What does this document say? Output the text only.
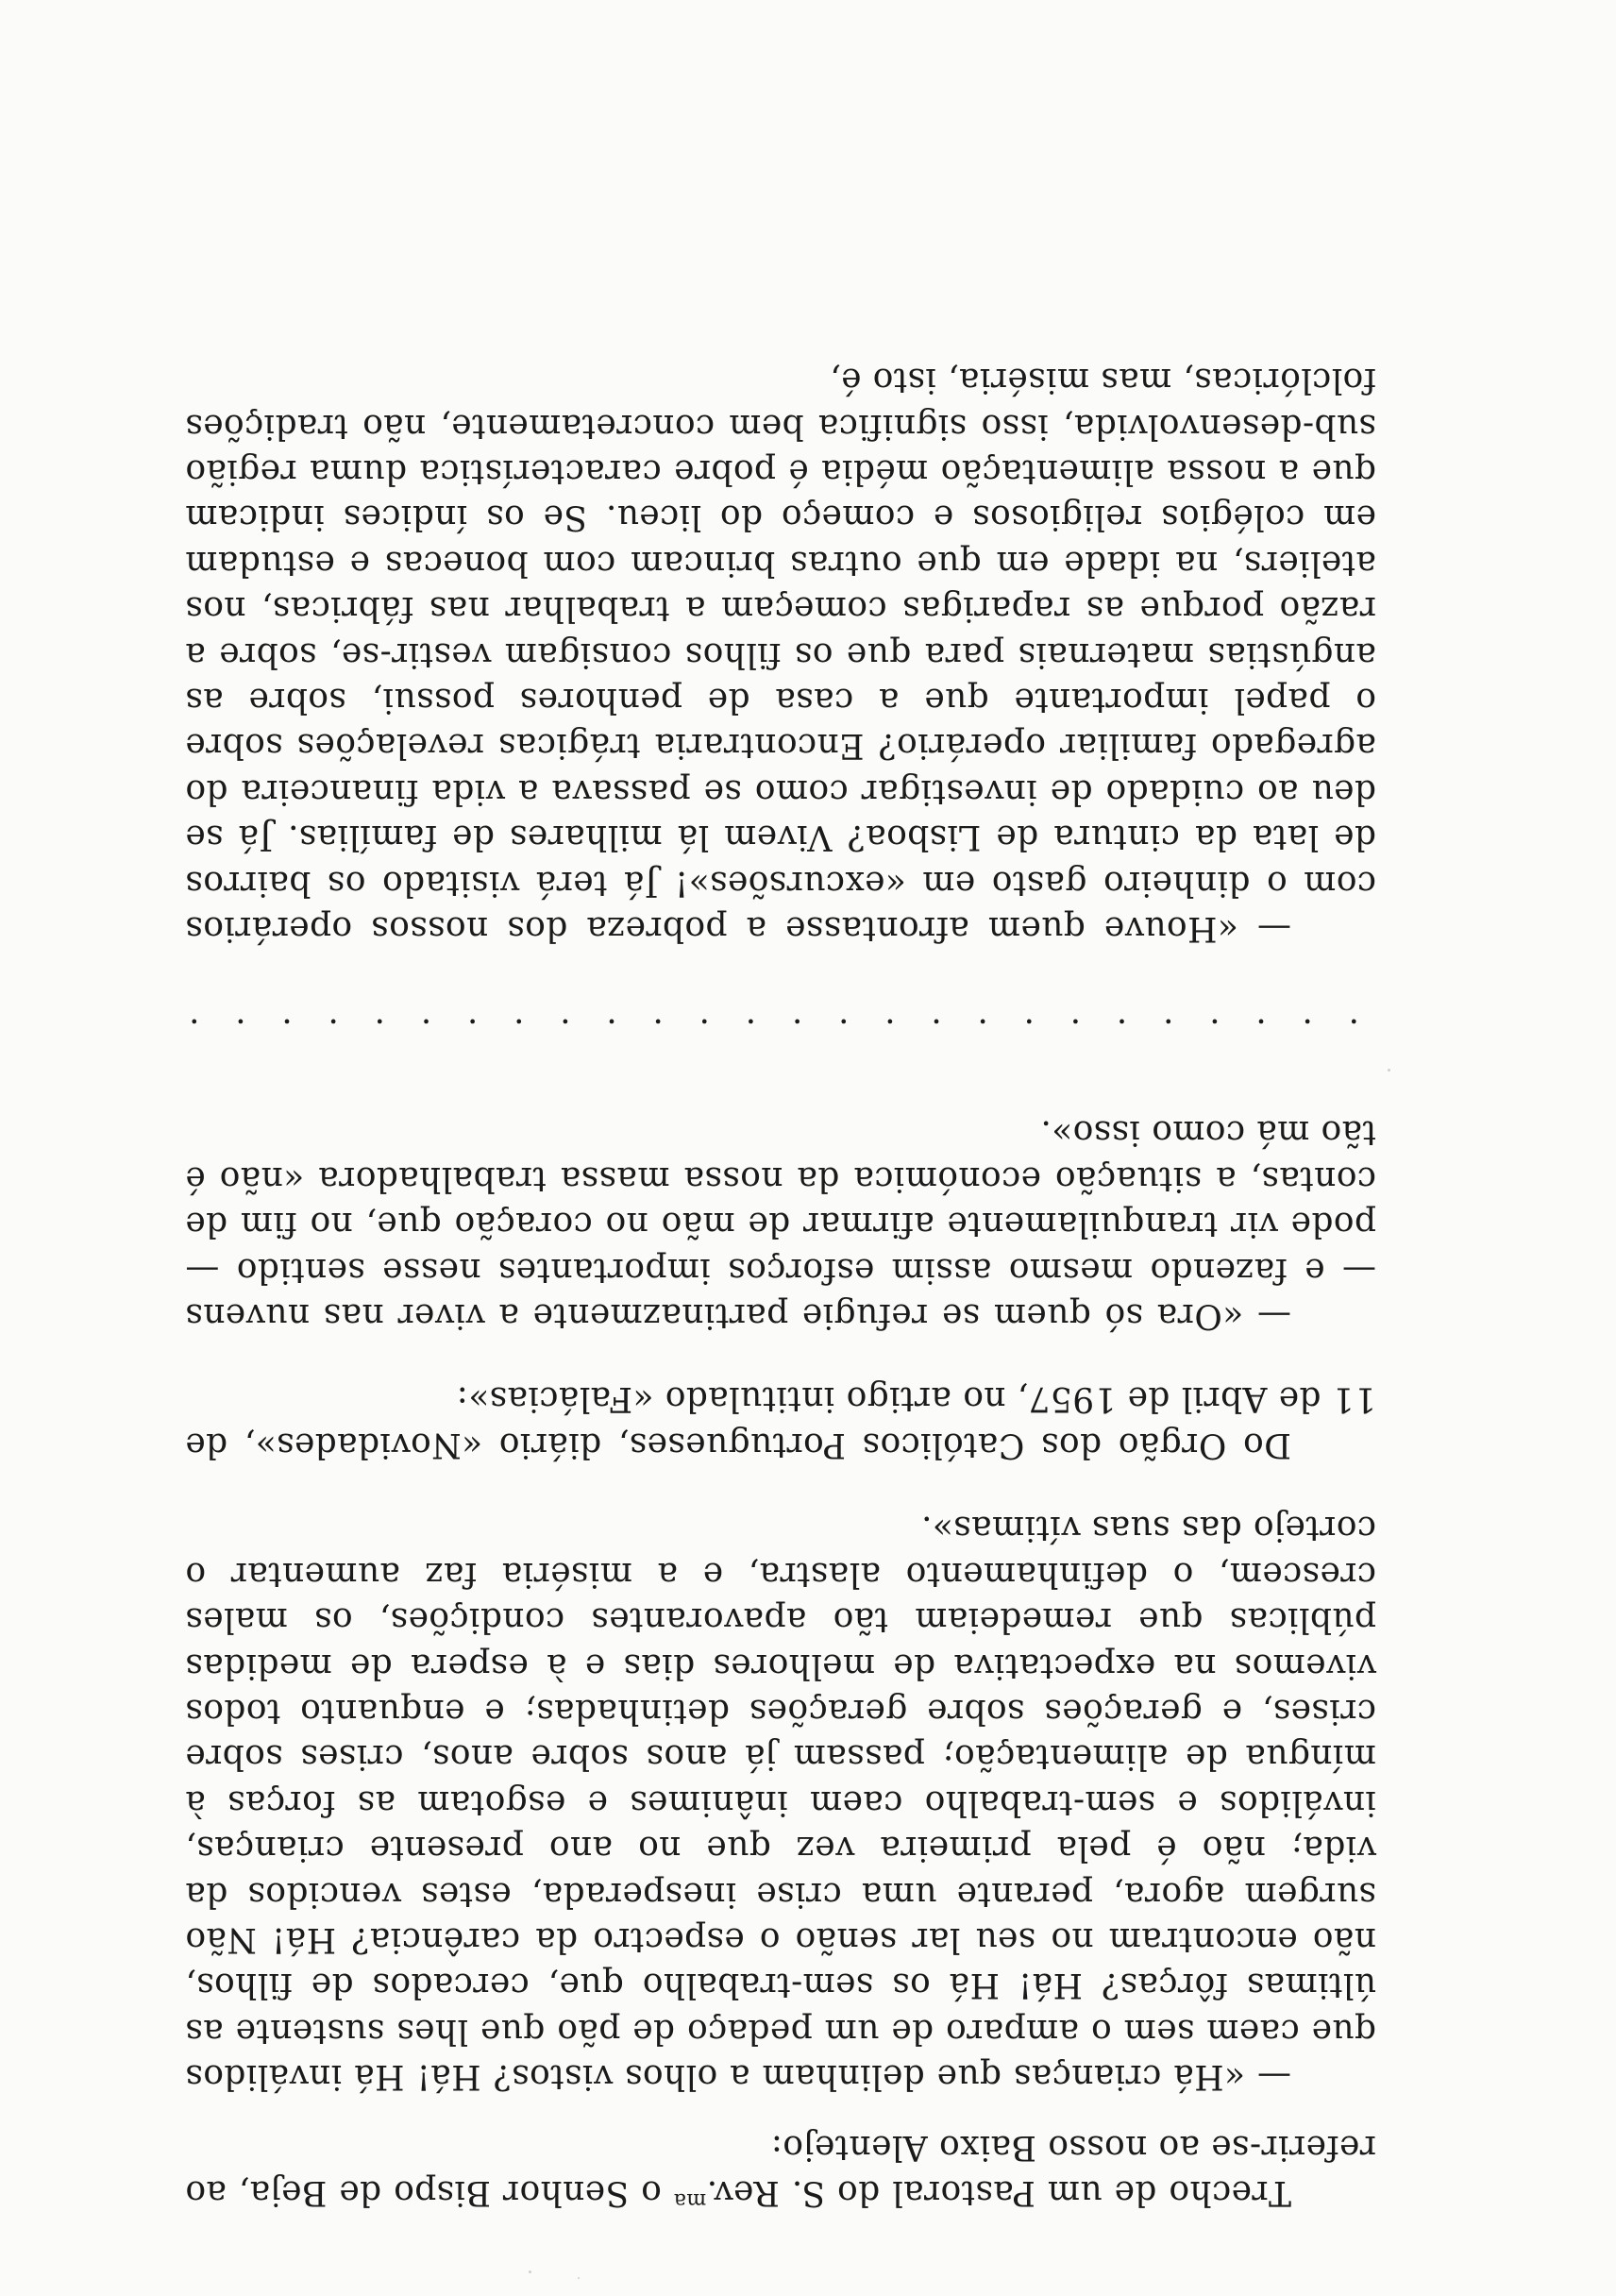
Trecho de um Pastoral do S. Rev.$^{ma}$ o Senhor Bispo de Beja, ao referir-se ao nosso Baixo Alentejo:

— «Há crianças que delinham a olhos vistos? Há! Há inválidos que caem sem o amparo de um pedaço de pão que lhes sustente as últimas fôrças? Há! Há os sem-trabalho que, cercados de filhos, não encontram no seu lar senão o espectro da carência? Há! Não surgem agora, perante uma crise inesperada, estes vencidos da vida; não é pela primeira vez que no ano presente crianças, inválidos e sem-trabalho caem inânimes e esgotam as forças à míngua de alimentação; passam já anos sobre anos, crises sobre crises, e gerações sobre gerações detinhadas; e enquanto todos vivemos na expectativa de melhores dias e à espera de medidas públicas que remedeiam tão apavorantes condições, os males crescem, o definhamento alastra, e a miséria faz aumentar o cortejo das suas vítimas».

Do Orgão dos Católicos Portugueses, diário «Novidades», de 11 de Abril de 1957, no artigo intitulado «Falácias»:

— «Ora só quem se refugie partinazmente a viver nas nuvens — e fazendo mesmo assim esforços importantes nesse sentido — pode vir tranquilamente afirmar de mão no coração que, no fim de contas, a situação económica da nossa massa trabalhadora «não é tão má como isso».

.
.
.
.
.
.
.
.
.
.
.
.
.
.
.
.
.
.
.
.
.
.
.
.
.
.

— «Houve quem afrontasse a pobreza dos nossos operários com o dinheiro gasto em «excursões»! Já terá visitado os bairros de lata da cintura de Lisboa? Vivem lá milhares de famílias. Já se deu ao cuidado de investigar como se passava a vida financeira do agregado familiar operário? Encontraria trágicas revelações sobre o papel importante que a casa de penhores possui, sobre as angústias maternais para que os filhos consigam vestir-se, sobre a razão porque as raparigas começam a trabalhar nas fábricas, nos ateliers, na idade em que outras brincam com bonecas e estudam em colégios religiosos e começo do liceu. Se os índices indicam que a nossa alimentação média é pobre característica duma região sub-desenvolvida, isso significa bem concretamente, não tradições folclóricas, mas miséria, isto é,
